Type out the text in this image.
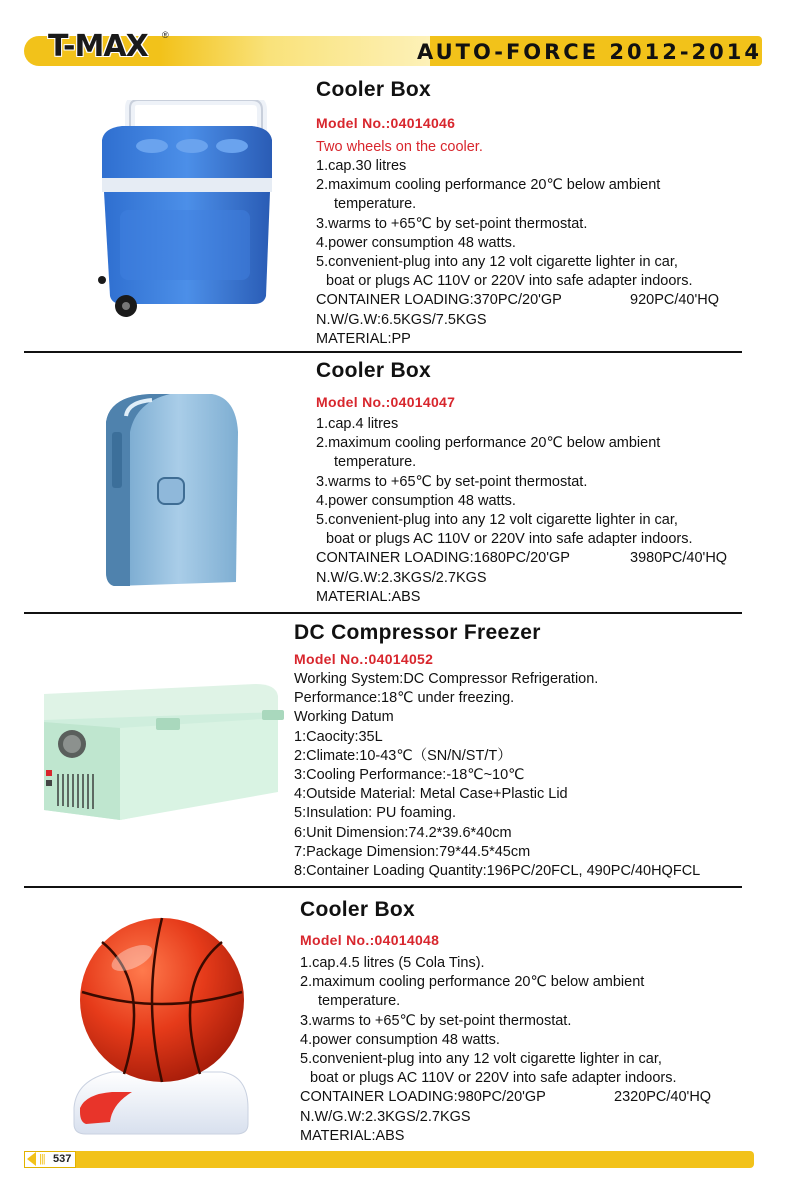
T-MAX ®
AUTO-FORCE 2012-2014
Cooler Box
Model No.:04014046
Two wheels on the cooler.
1.cap.30 litres
2.maximum cooling performance 20℃ below ambient
temperature.
3.warms to +65℃ by set-point thermostat.
4.power consumption 48 watts.
5.convenient-plug into any 12 volt cigarette lighter in car,
boat or plugs AC 110V or 220V into safe adapter indoors.
CONTAINER LOADING:370PC/20'GP	920PC/40'HQ
N.W/G.W:6.5KGS/7.5KGS
MATERIAL:PP
Cooler Box
Model No.:04014047
1.cap.4 litres
2.maximum cooling performance 20℃ below ambient
temperature.
3.warms to +65℃ by set-point thermostat.
4.power consumption 48 watts.
5.convenient-plug into any 12 volt cigarette lighter in car,
boat or plugs AC 110V or 220V into safe adapter indoors.
CONTAINER LOADING:1680PC/20'GP	3980PC/40'HQ
N.W/G.W:2.3KGS/2.7KGS
MATERIAL:ABS
DC Compressor Freezer
Model No.:04014052
Working System:DC Compressor Refrigeration.
Performance:18℃ under freezing.
Working Datum
1:Caocity:35L
2:Climate:10-43℃（SN/N/ST/T）
3:Cooling Performance:-18℃~10℃
4:Outside Material: Metal Case+Plastic Lid
5:Insulation: PU foaming.
6:Unit Dimension:74.2*39.6*40cm
7:Package Dimension:79*44.5*45cm
8:Container Loading Quantity:196PC/20FCL, 490PC/40HQFCL
Cooler Box
Model No.:04014048
1.cap.4.5 litres (5 Cola Tins).
2.maximum cooling performance 20℃ below ambient
temperature.
3.warms to +65℃ by set-point thermostat.
4.power consumption 48 watts.
5.convenient-plug into any 12 volt cigarette lighter in car,
boat or plugs AC 110V or 220V into safe adapter indoors.
CONTAINER LOADING:980PC/20'GP	2320PC/40'HQ
N.W/G.W:2.3KGS/2.7KGS
MATERIAL:ABS
||| 537
